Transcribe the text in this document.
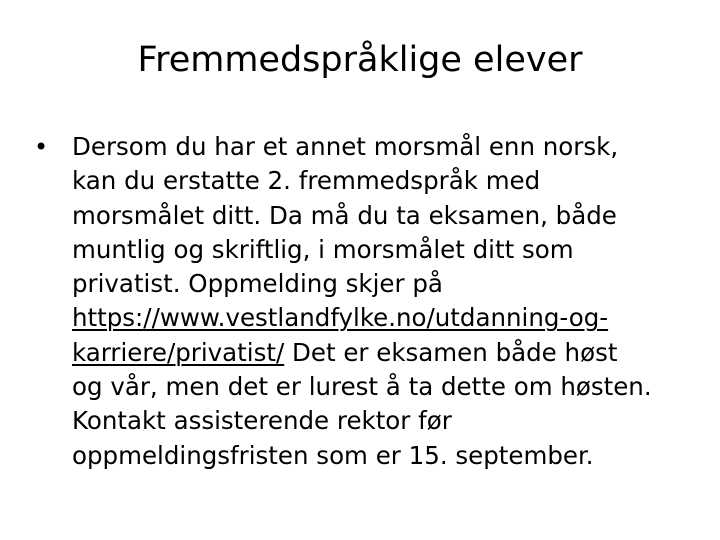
Fremmedspråklige elever
• Dersom du har et annet morsmål enn norsk,
kan du erstatte 2. fremmedspråk med
morsmålet ditt. Da må du ta eksamen, både
muntlig og skriftlig, i morsmålet ditt som
privatist. Oppmelding skjer på
https://www.vestlandfylke.no/utdanning-og-
karriere/privatist/ Det er eksamen både høst
og vår, men det er lurest å ta dette om høsten.
Kontakt assisterende rektor før
oppmeldingsfristen som er 15. september.
